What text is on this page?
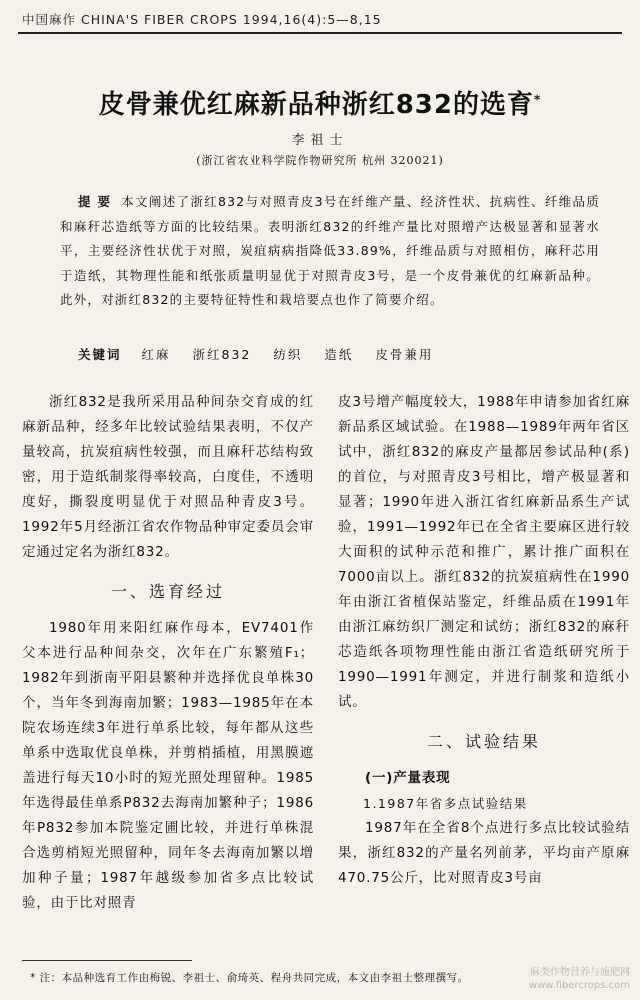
中国麻作 CHINA'S FIBER CROPS 1994,16(4):5—8,15
皮骨兼优红麻新品种浙红832的选育*
李祖士
(浙江省农业科学院作物研究所 杭州 320021)
提 要 本文阐述了浙红832与对照青皮3号在纤维产量、经济性状、抗病性、纤维品质和麻秆芯造纸等方面的比较结果。表明浙红832的纤维产量比对照增产达极显著和显著水平，主要经济性状优于对照，炭疽病病指降低33.89%，纤维品质与对照相仿，麻秆芯用于造纸，其物理性能和纸张质量明显优于对照青皮3号，是一个皮骨兼优的红麻新品种。此外，对浙红832的主要特征特性和栽培要点也作了简要介绍。
关键词 红麻 浙红832 纺织 造纸 皮骨兼用

浙红832是我所采用品种间杂交育成的红麻新品种，经多年比较试验结果表明，不仅产量较高，抗炭疽病性较强，而且麻秆芯结构致密，用于造纸制浆得率较高，白度佳，不透明度好，撕裂度明显优于对照品种青皮3号。1992年5月经浙江省农作物品种审定委员会审定通过定名为浙红832。

一、选育经过

1980年用来阳红麻作母本，EV7401作父本进行品种间杂交，次年在广东繁殖F₁；1982年到浙南平阳县繁种并选择优良单株30个，当年冬到海南加繁；1983—1985年在本院农场连续3年进行单系比较，每年都从这些单系中选取优良单株，并剪梢插植，用黑膜遮盖进行每天10小时的短光照处理留种。1985年选得最佳单系P832去海南加繁种子；1986年P832参加本院鉴定圃比较，并进行单株混合选剪梢短光照留种，同年冬去海南加繁以增加种子量；1987年越级参加省多点比较试验，由于比对照青

皮3号增产幅度较大，1988年申请参加省红麻新品系区域试验。在1988—1989年两年省区试中，浙红832的麻皮产量都居参试品种(系)的首位，与对照青皮3号相比，增产极显著和显著；1990年进入浙江省红麻新品系生产试验，1991—1992年已在全省主要麻区进行较大面积的试种示范和推广，累计推广面积在7000亩以上。浙红832的抗炭疽病性在1990年由浙江省植保站鉴定，纤维品质在1991年由浙江麻纺织厂测定和试纺；浙红832的麻秆芯造纸各项物理性能由浙江省造纸研究所于1990—1991年测定，并进行制浆和造纸小试。

二、试验结果

(一)产量表现

1.1987年省多点试验结果

1987年在全省8个点进行多点比较试验结果，浙红832的产量名列前茅，平均亩产原麻470.75公斤，比对照青皮3号亩

* 注：本品种选育工作由梅锐、李祖士、俞琦英、程舟共同完成，本文由李祖士整理撰写。	麻类作物营养与施肥网
www.fibercrops.com
